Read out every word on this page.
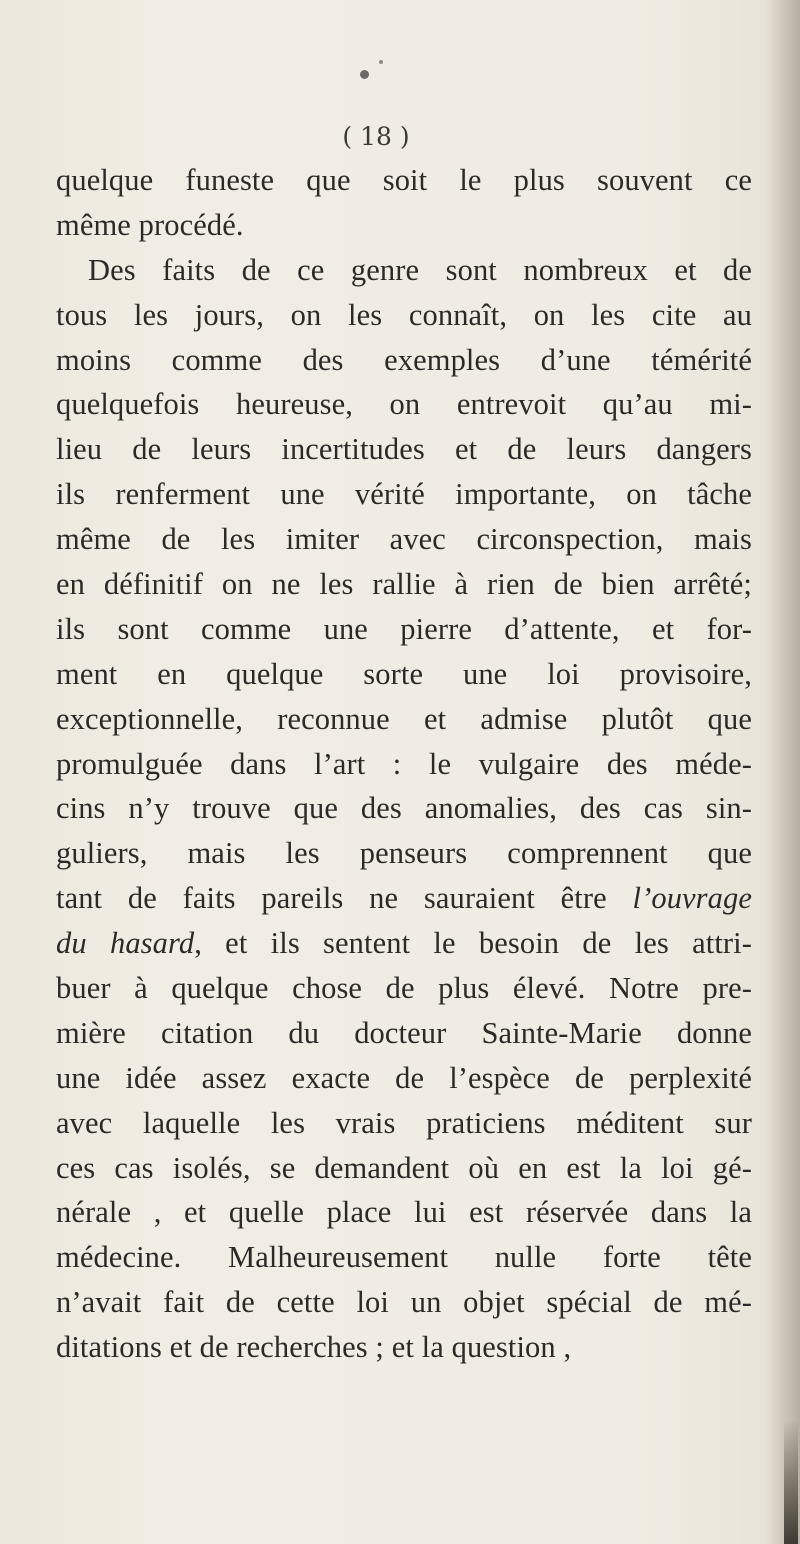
( 18 )
quelque funeste que soit le plus souvent ce
même procédé.
Des faits de ce genre sont nombreux et de
tous les jours, on les connaît, on les cite au
moins comme des exemples d’une témérité
quelquefois heureuse, on entrevoit qu’au mi-
lieu de leurs incertitudes et de leurs dangers
ils renferment une vérité importante, on tâche
même de les imiter avec circonspection, mais
en définitif on ne les rallie à rien de bien arrêté;
ils sont comme une pierre d’attente, et for-
ment en quelque sorte une loi provisoire,
exceptionnelle, reconnue et admise plutôt que
promulguée dans l’art : le vulgaire des méde-
cins n’y trouve que des anomalies, des cas sin-
guliers, mais les penseurs comprennent que
tant de faits pareils ne sauraient être l’ouvrage
du hasard, et ils sentent le besoin de les attri-
buer à quelque chose de plus élevé. Notre pre-
mière citation du docteur Sainte-Marie donne
une idée assez exacte de l’espèce de perplexité
avec laquelle les vrais praticiens méditent sur
ces cas isolés, se demandent où en est la loi gé-
nérale , et quelle place lui est réservée dans la
médecine. Malheureusement nulle forte tête
n’avait fait de cette loi un objet spécial de mé-
ditations et de recherches ; et la question ,
